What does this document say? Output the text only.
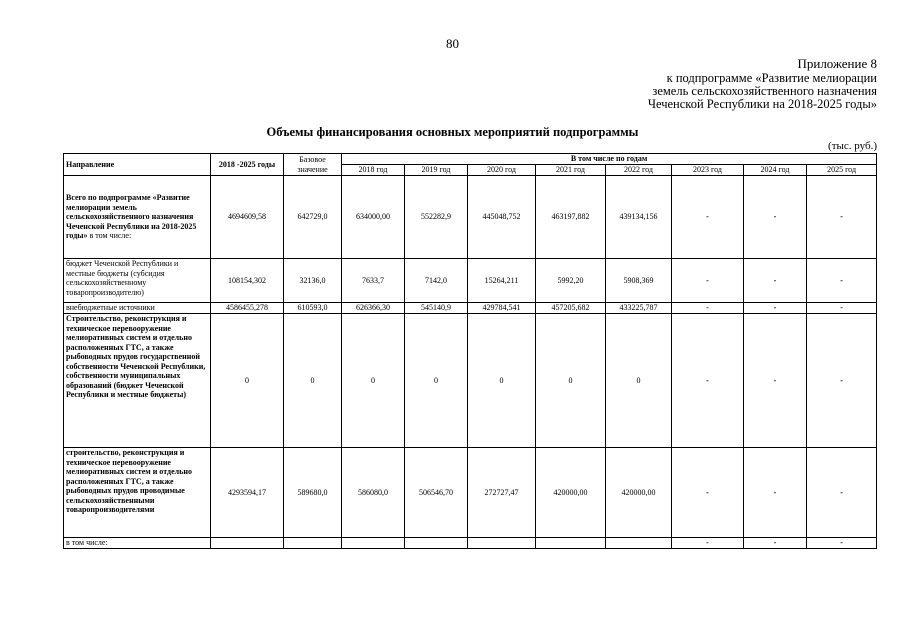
80
Приложение 8
к подпрограмме «Развитие мелиорации
земель сельскохозяйственного назначения
Чеченской Республики на 2018-2025 годы»
Объемы финансирования основных мероприятий подпрограммы
(тыс. руб.)
Направление	2018 -2025 годы	Базовое значение	В том числе по годам							
			2018 год	2019 год	2020 год	2021 год	2022 год	2023 год	2024 год	2025 год
Всего по подпрограмме «Развитие мелиорации земель сельскохозяйственного назначения Чеченской Республики на 2018-2025 годы» в том числе:	4694609,58	642729,0	634000,00	552282,9	445048,752	463197,882	439134,156	-	-	-
бюджет Чеченской Республики и местные бюджеты (субсидия сельскохозяйственному товаропроизводителю)	108154,302	32136,0	7633,7	7142,0	15264,211	5992,20	5908,369	-	-	-
внебюджетные источники	4586455,278	610593,0	626366,30	545140,9	429784,541	457205,682	433225,787	-	-	-
Строительство, реконструкция и техническое перевооружение мелиоративных систем и отдельно расположенных ГТС, а также рыбоводных прудов государственной собственности Чеченской Республики, собственности муниципальных образований (бюджет Чеченской Республики и местные бюджеты)	0	0	0	0	0	0	0	-	-	-
строительство, реконструкция и техническое перевооружение мелиоративных систем и отдельно расположенных ГТС, а также рыбоводных прудов проводимые сельскохозяйственными товаропроизводителями	4293594,17	589680,0	586080,0	506546,70	272727,47	420000,00	420000,00	-	-	-
в том числе:								-	-	-
